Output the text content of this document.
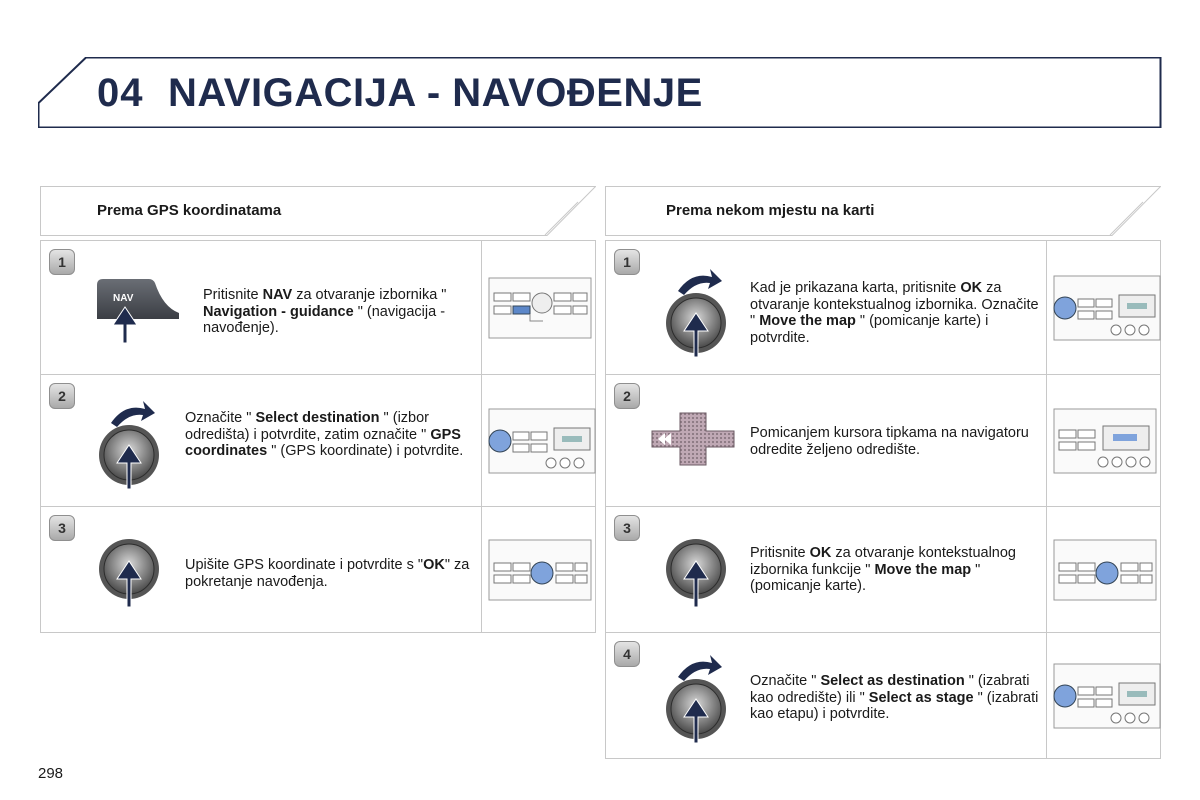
04 NAVIGACIJA - NAVOĐENJE
Prema GPS koordinatama	Prema nekom mjestu na karti
1
NAV	Pritisnite NAV za otvaranje izbornika " Navigation - guidance " (navigacija - navođenje).
2
Označite " Select destination " (izbor odredišta) i potvrdite, zatim označite " GPS coordinates " (GPS koordinate) i potvrdite.
3
Upišite GPS koordinate i potvrdite s "OK" za pokretanje navođenja.
1
Kad je prikazana karta, pritisnite OK za otvaranje kontekstualnog izbornika. Označite " Move the map " (pomicanje karte) i potvrdite.
2
Pomicanjem kursora tipkama na navigatoru odredite željeno odredište.
3
Pritisnite OK za otvaranje kontekstualnog izbornika funkcije " Move the map " (pomicanje karte).
4
Označite " Select as destination " (izabrati kao odredište) ili " Select as stage " (izabrati kao etapu) i potvrdite.
298
